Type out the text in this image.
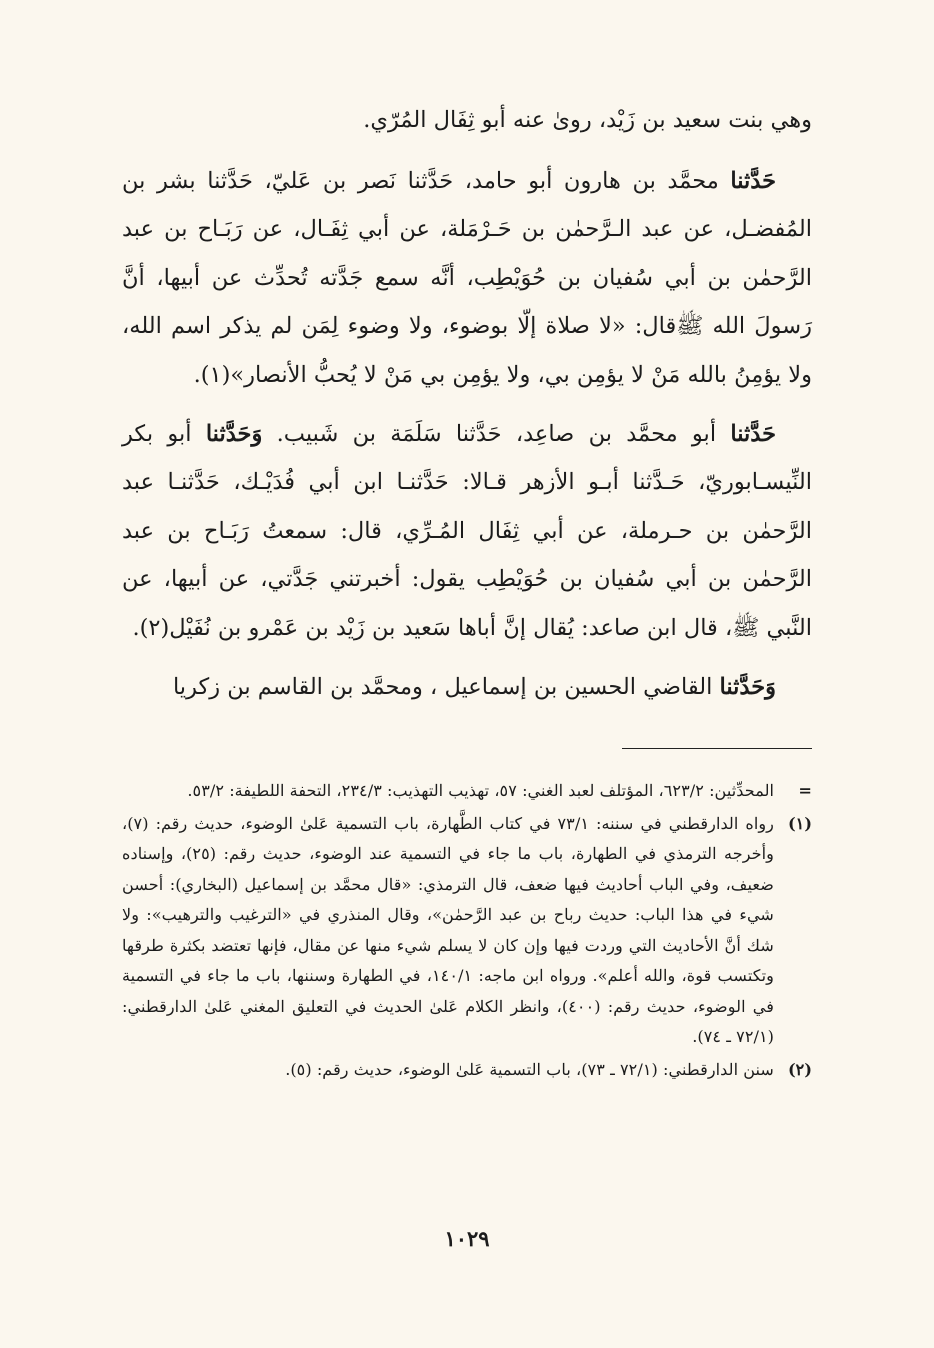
وهي بنت سعيد بن زَيْد، روىٰ عنه أبو ثِفَال المُرّي.

حَدَّثنا محمَّد بن هارون أبو حامد، حَدَّثنا نَصر بن عَليّ، حَدَّثنا بشر بن المُفضـل، عن عبد الـرَّحمٰن بن حَـرْمَلة، عن أبي ثِفَـال، عن رَبَـاح بن عبد الرَّحمٰن بن أبي سُفيان بن حُوَيْطِب، أنَّه سمع جَدَّته تُحدِّث عن أبيها، أنَّ رَسولَ الله ﷺقال: «لا صلاة إلّا بوضوء، ولا وضوء لِمَن لم يذكر اسم الله، ولا يؤمِنُ بالله مَنْ لا يؤمِن بي، ولا يؤمِن بي مَنْ لا يُحبُّ الأنصار»(١).

حَدَّثنا أبو محمَّد بن صاعِد، حَدَّثنا سَلَمَة بن شَبيب. وَحَدَّثنا أبو بكر النِّيسـابوريّ، حَـدَّثنا أبـو الأزهر قـالا: حَدَّثنـا ابن أبي فُدَيْـك، حَدَّثنـا عبد الرَّحمٰن بن حـرملة، عن أبي ثِفَال المُـرِّي، قال: سمعتُ رَبَـاح بن عبد الرَّحمٰن بن أبي سُفيان بن حُوَيْطِب يقول: أخبرتني جَدَّتي، عن أبيها، عن النَّبي ﷺ، قال ابن صاعد: يُقال إنَّ أباها سَعيد بن زَيْد بن عَمْرو بن نُفَيْل(٢).

وَحَدَّثنا القاضي الحسين بن إسماعيل ، ومحمَّد بن القاسم بن زكريا

=المحدِّثين: ٦٢٣/٢، المؤتلف لعبد الغني: ٥٧، تهذيب التهذيب: ٢٣٤/٣، التحفة اللطيفة: ٥٣/٢.

(١)رواه الدارقطني في سننه: ٧٣/١ في كتاب الطَّهارة، باب التسمية عَلىٰ الوضوء، حديث رقم: (٧)، وأخرجه الترمذي في الطهارة، باب ما جاء في التسمية عند الوضوء، حديث رقم: (٢٥)، وإسناده ضعيف، وفي الباب أحاديث فيها ضعف، قال الترمذي: «قال محمَّد بن إسماعيل (البخاري): أحسن شيء في هذا الباب: حديث رباح بن عبد الرَّحمٰن»، وقال المنذري في «الترغيب والترهيب»: ولا شك أنَّ الأحاديث التي وردت فيها وإن كان لا يسلم شيء منها عن مقال، فإنها تعتضد بكثرة طرقها وتكتسب قوة، والله أعلم». ورواه ابن ماجه: ١٤٠/١، في الطهارة وسننها، باب ما جاء في التسمية في الوضوء، حديث رقم: (٤٠٠)، وانظر الكلام عَلىٰ الحديث في التعليق المغني عَلىٰ الدارقطني: (٧٢/١ ـ ٧٤).

(٢)سنن الدارقطني: (٧٢/١ ـ ٧٣)، باب التسمية عَلىٰ الوضوء، حديث رقم: (٥).

١٠٢٩
